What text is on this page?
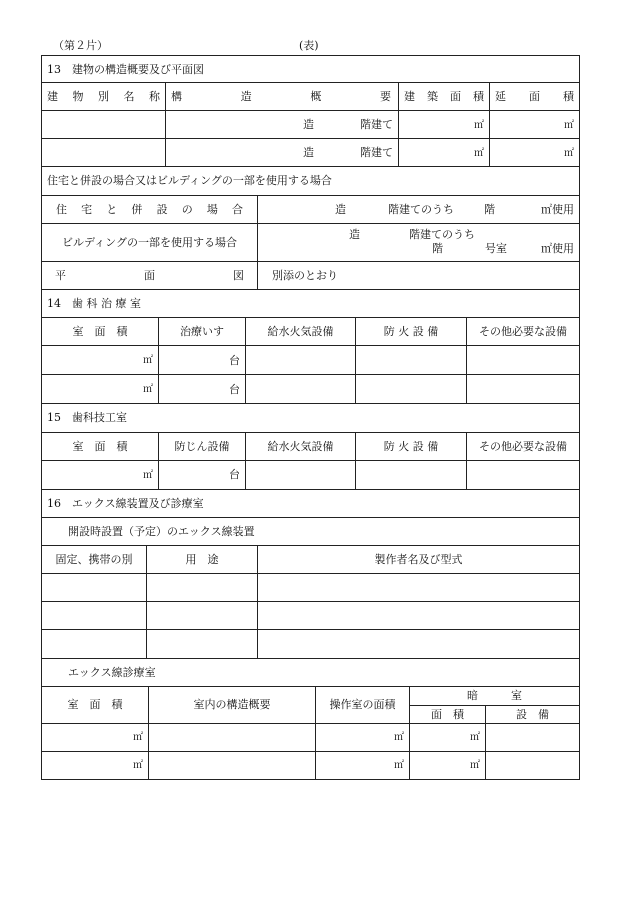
（第２片）	(表)
13　建物の構造概要及び平面図			
建 物 別 名 称	構 造 概 要	建 築 面 積	延　 面　 積

	造 階建て	㎡	㎡

	造 階建て	㎡	㎡
住宅と併設の場合又はビルディングの一部を使用する場合	
住 宅 と 併 設 の 場 合	造 階建てのうち 階 ㎡使用

ビルディングの一部を使用する場合	造 階建てのうち
階 号室 ㎡使用

平 面 図	別添のとおり
14　歯 科 治 療 室				
室　面　積	治療いす	給水火気設備	防 火 設 備	その他必要な設備
㎡	台			
㎡	台			
15　歯科技工室				
室　面　積	防じん設備	給水火気設備	防 火 設 備	その他必要な設備
㎡	台			
16　エックス線装置及び診療室		
開設時設置（予定）のエックス線装置		
固定、携帯の別	用　途	製作者名及び型式

エックス線診療室		
室　面　積	室内の構造概要	操作室の面積	暗　　　室	
			面　積	設　備
㎡		㎡	㎡	
㎡		㎡	㎡	
